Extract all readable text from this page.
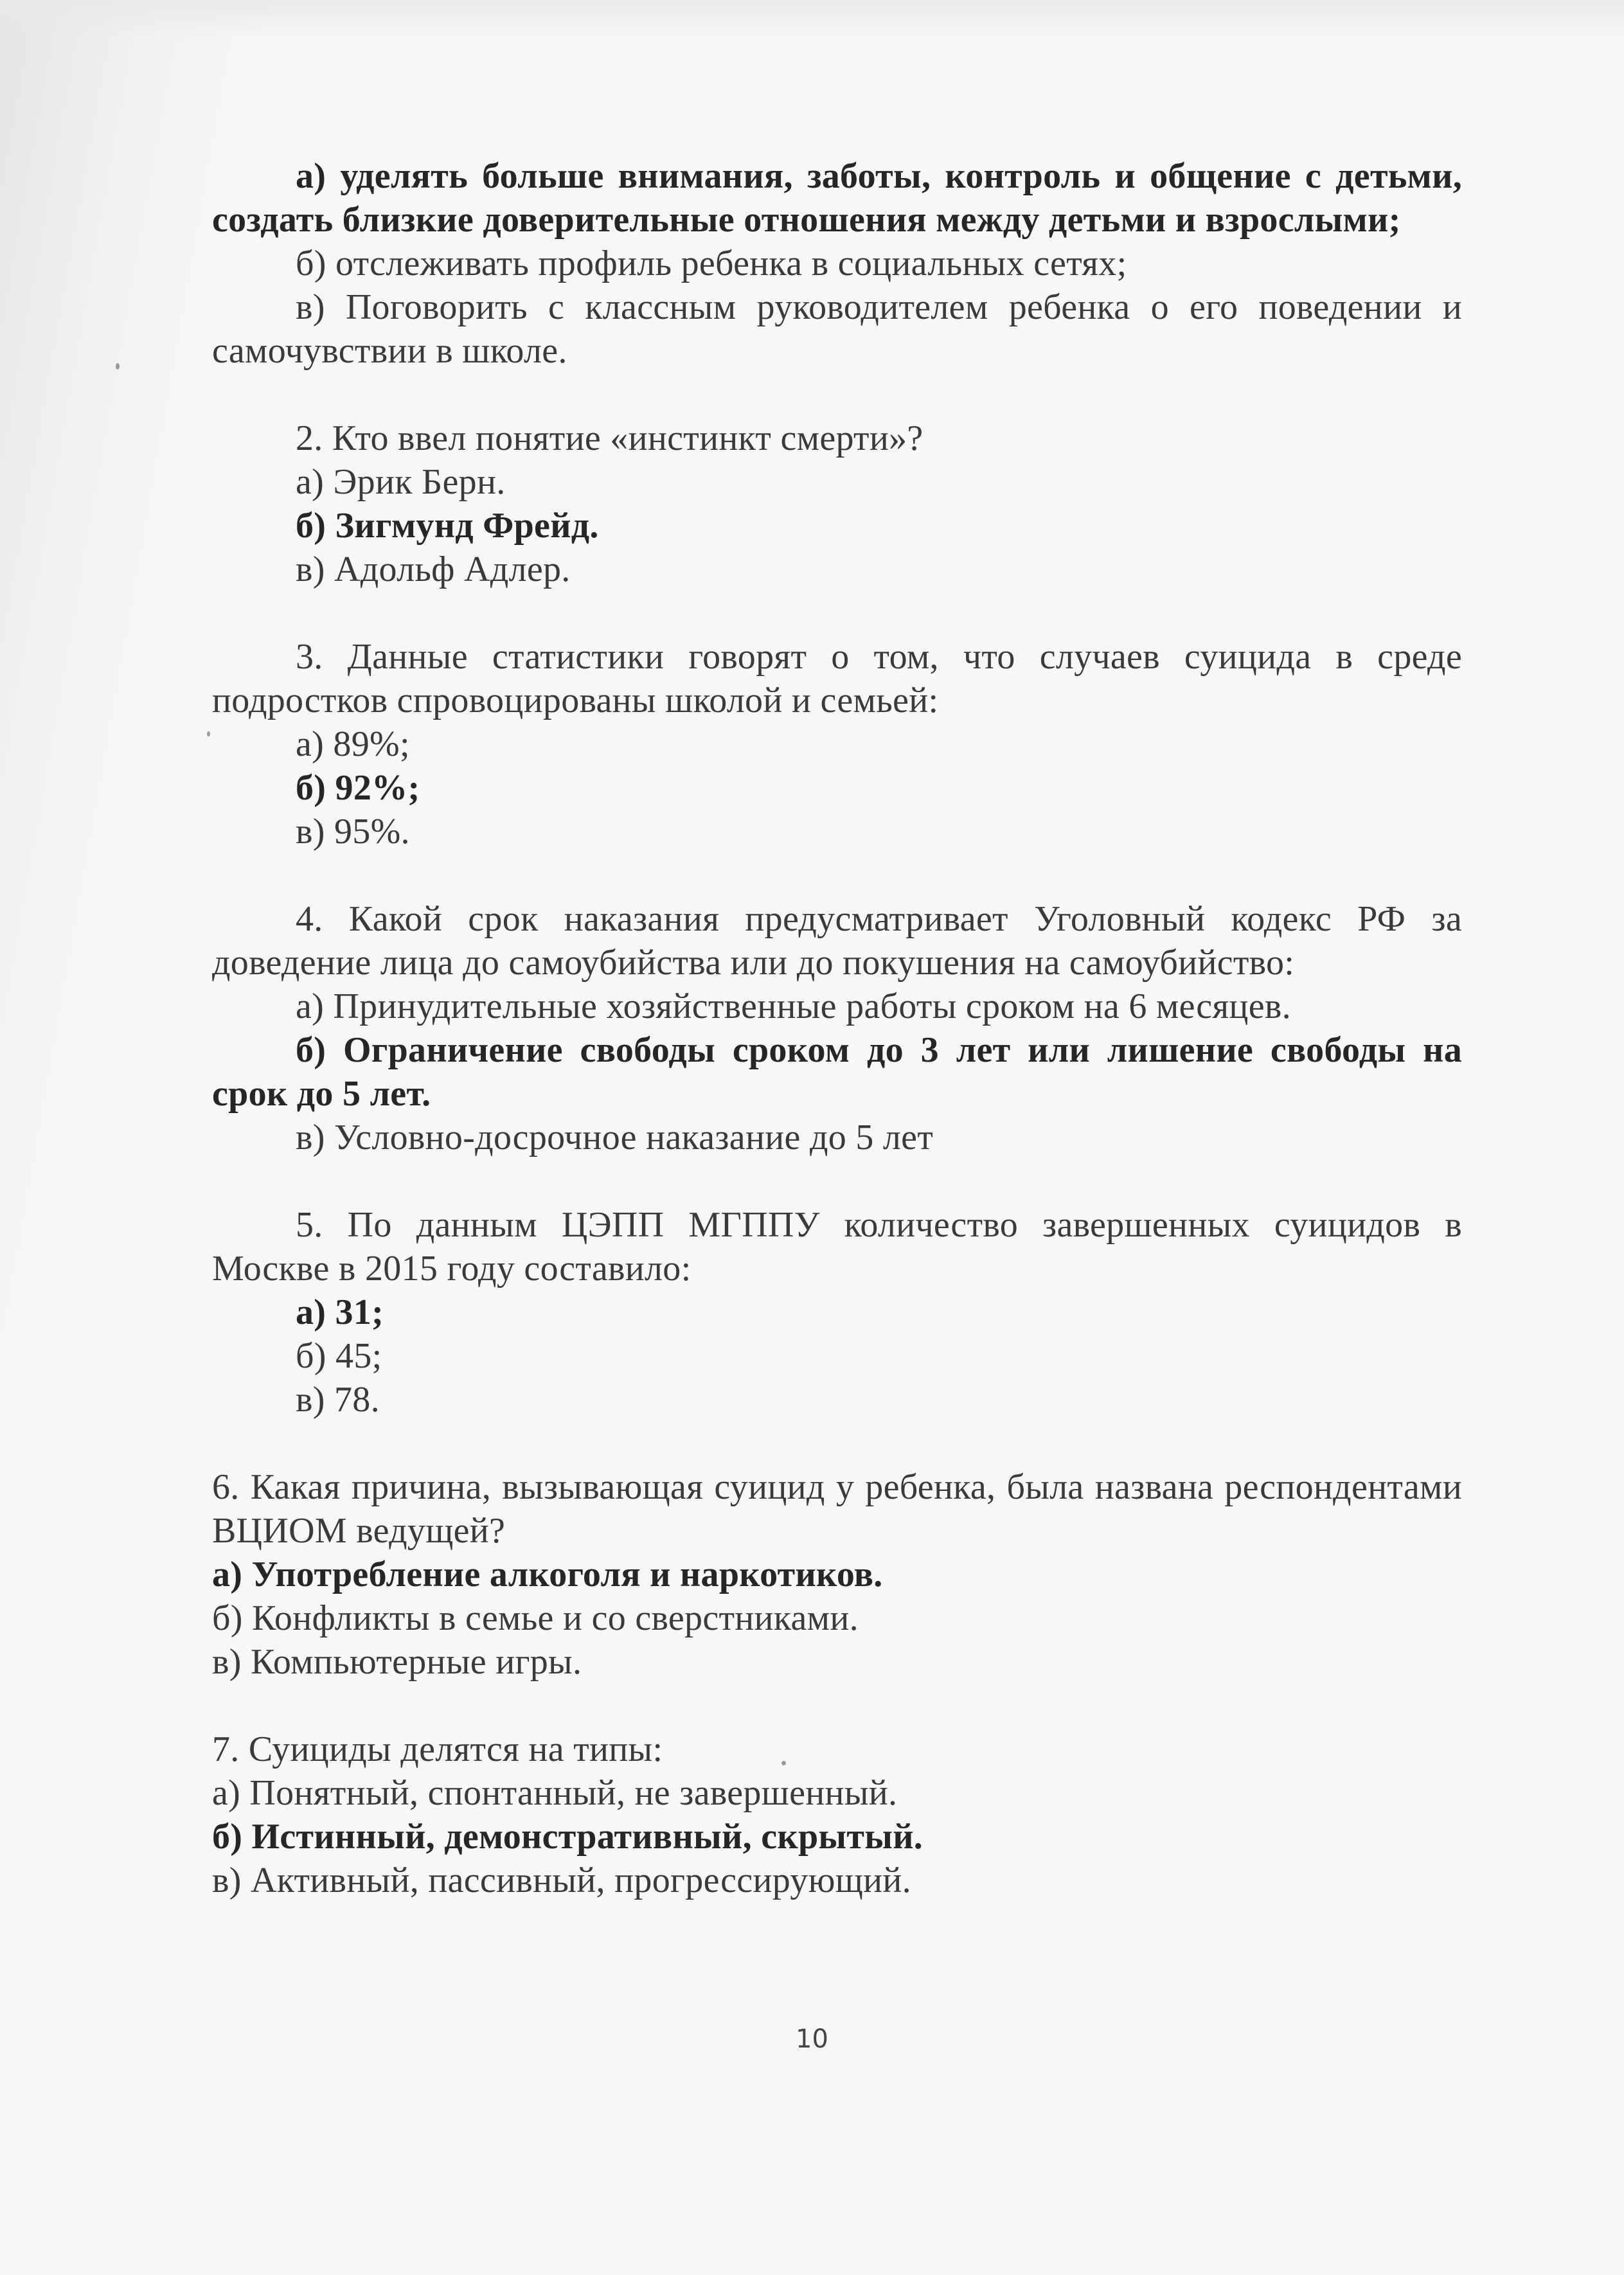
а) уделять больше внимания, заботы, контроль и общение с детьми, создать близкие доверительные отношения между детьми и взрослыми;

б) отслеживать профиль ребенка в социальных сетях;

в) Поговорить с классным руководителем ребенка о его поведении и самочувствии в школе.

2. Кто ввел понятие «инстинкт смерти»?

а) Эрик Берн.

б) Зигмунд Фрейд.

в) Адольф Адлер.

3. Данные статистики говорят о том, что случаев суицида в среде подростков спровоцированы школой и семьей:

а) 89%;

б) 92%;

в) 95%.

4. Какой срок наказания предусматривает Уголовный кодекс РФ за доведение лица до самоубийства или до покушения на самоубийство:

а) Принудительные хозяйственные работы сроком на 6 месяцев.

б) Ограничение свободы сроком до 3 лет или лишение свободы на срок до 5 лет.

в) Условно-досрочное наказание до 5 лет

5. По данным ЦЭПП МГППУ количество завершенных суицидов в Москве в 2015 году составило:

а) 31;

б) 45;

в) 78.

6. Какая причина, вызывающая суицид у ребенка, была названа респондентами ВЦИОМ ведущей?

а) Употребление алкоголя и наркотиков.

б) Конфликты в семье и со сверстниками.

в) Компьютерные игры.

7. Суициды делятся на типы:

а) Понятный, спонтанный, не завершенный.

б) Истинный, демонстративный, скрытый.

в) Активный, пассивный, прогрессирующий.

10
